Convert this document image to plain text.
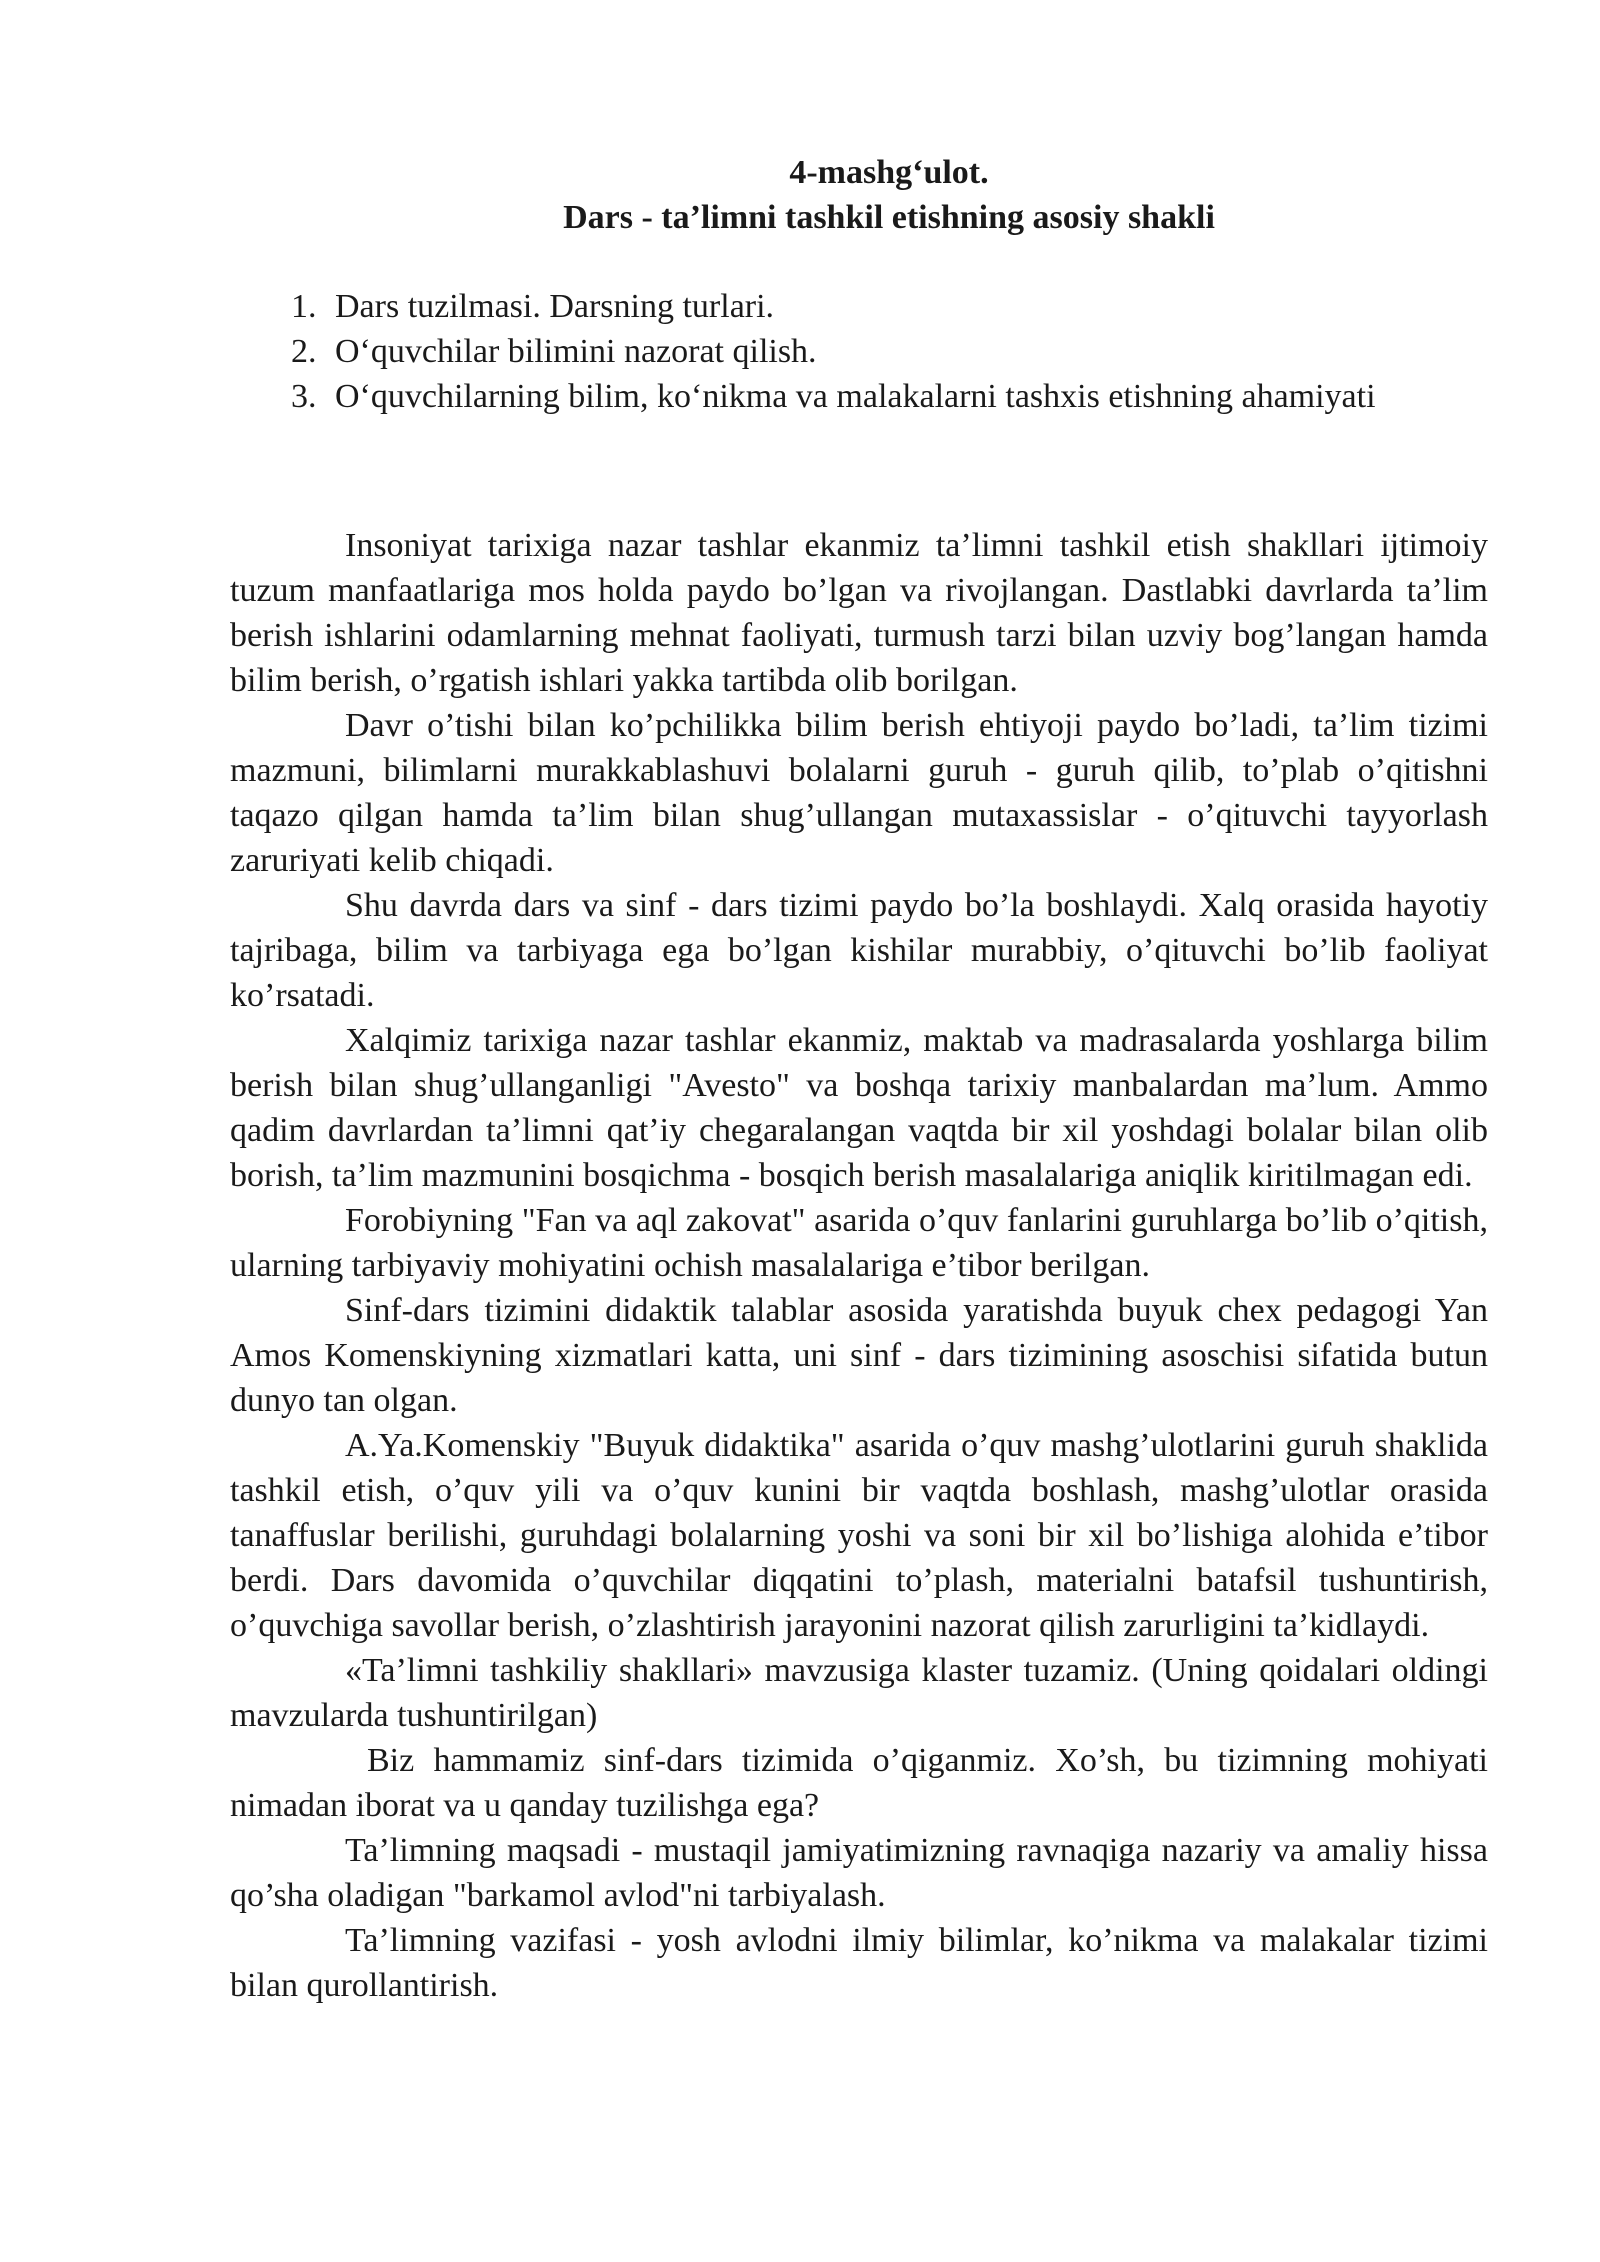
4-mashg‘ulot.
Dars - ta’limni tashkil etishning asosiy shakli
1. Dars tuzilmasi. Darsning turlari.
2. O‘quvchilar bilimini nazorat qilish.
3. O‘quvchilarning bilim, ko‘nikma va malakalarni tashxis etishning ahamiyati

Insoniyat tarixiga nazar tashlar ekanmiz ta’limni tashkil etish shakllari ijtimoiy tuzum manfaatlariga mos holda paydo bo’lgan va rivojlangan. Dastlabki davrlarda ta’lim berish ishlarini odamlarning mehnat faoliyati, turmush tarzi bilan uzviy bog’langan hamda bilim berish, o’rgatish ishlari yakka tartibda olib borilgan.

Davr o’tishi bilan ko’pchilikka bilim berish ehtiyoji paydo bo’ladi, ta’lim tizimi mazmuni, bilimlarni murakkablashuvi bolalarni guruh - guruh qilib, to’plab o’qitishni taqazo qilgan hamda ta’lim bilan shug’ullangan mutaxassislar - o’qituvchi tayyorlash zaruriyati kelib chiqadi.

Shu davrda dars va sinf - dars tizimi paydo bo’la boshlaydi. Xalq orasida hayotiy tajribaga, bilim va tarbiyaga ega bo’lgan kishilar murabbiy, o’qituvchi bo’lib faoliyat ko’rsatadi.

Xalqimiz tarixiga nazar tashlar ekanmiz, maktab va madrasalarda yoshlarga bilim berish bilan shug’ullanganligi "Avesto" va boshqa tarixiy manbalardan ma’lum. Ammo qadim davrlardan ta’limni qat’iy chegaralangan vaqtda bir xil yoshdagi bolalar bilan olib borish, ta’lim mazmunini bosqichma - bosqich berish masalalariga aniqlik kiritilmagan edi.

Forobiyning "Fan va aql zakovat" asarida o’quv fanlarini guruhlarga bo’lib o’qitish, ularning tarbiyaviy mohiyatini ochish masalalariga e’tibor berilgan.

Sinf-dars tizimini didaktik talablar asosida yaratishda buyuk chex pedagogi Yan Amos Komenskiyning xizmatlari katta, uni sinf - dars tizimining asoschisi sifatida butun dunyo tan olgan.

A.Ya.Komenskiy "Buyuk didaktika" asarida o’quv mashg’ulotlarini guruh shaklida tashkil etish, o’quv yili va o’quv kunini bir vaqtda boshlash, mashg’ulotlar orasida tanaffuslar berilishi, guruhdagi bolalarning yoshi va soni bir xil bo’lishiga alohida e’tibor berdi. Dars davomida o’quvchilar diqqatini to’plash, materialni batafsil tushuntirish, o’quvchiga savollar berish, o’zlashtirish jarayonini nazorat qilish zarurligini ta’kidlaydi.

«Ta’limni tashkiliy shakllari» mavzusiga klaster tuzamiz. (Uning qoidalari oldingi mavzularda tushuntirilgan)

Biz hammamiz sinf-dars tizimida o’qiganmiz. Xo’sh, bu tizimning mohiyati nimadan iborat va u qanday tuzilishga ega?

Ta’limning maqsadi - mustaqil jamiyatimizning ravnaqiga nazariy va amaliy hissa qo’sha oladigan "barkamol avlod"ni tarbiyalash.

Ta’limning vazifasi - yosh avlodni ilmiy bilimlar, ko’nikma va malakalar tizimi bilan qurollantirish.
